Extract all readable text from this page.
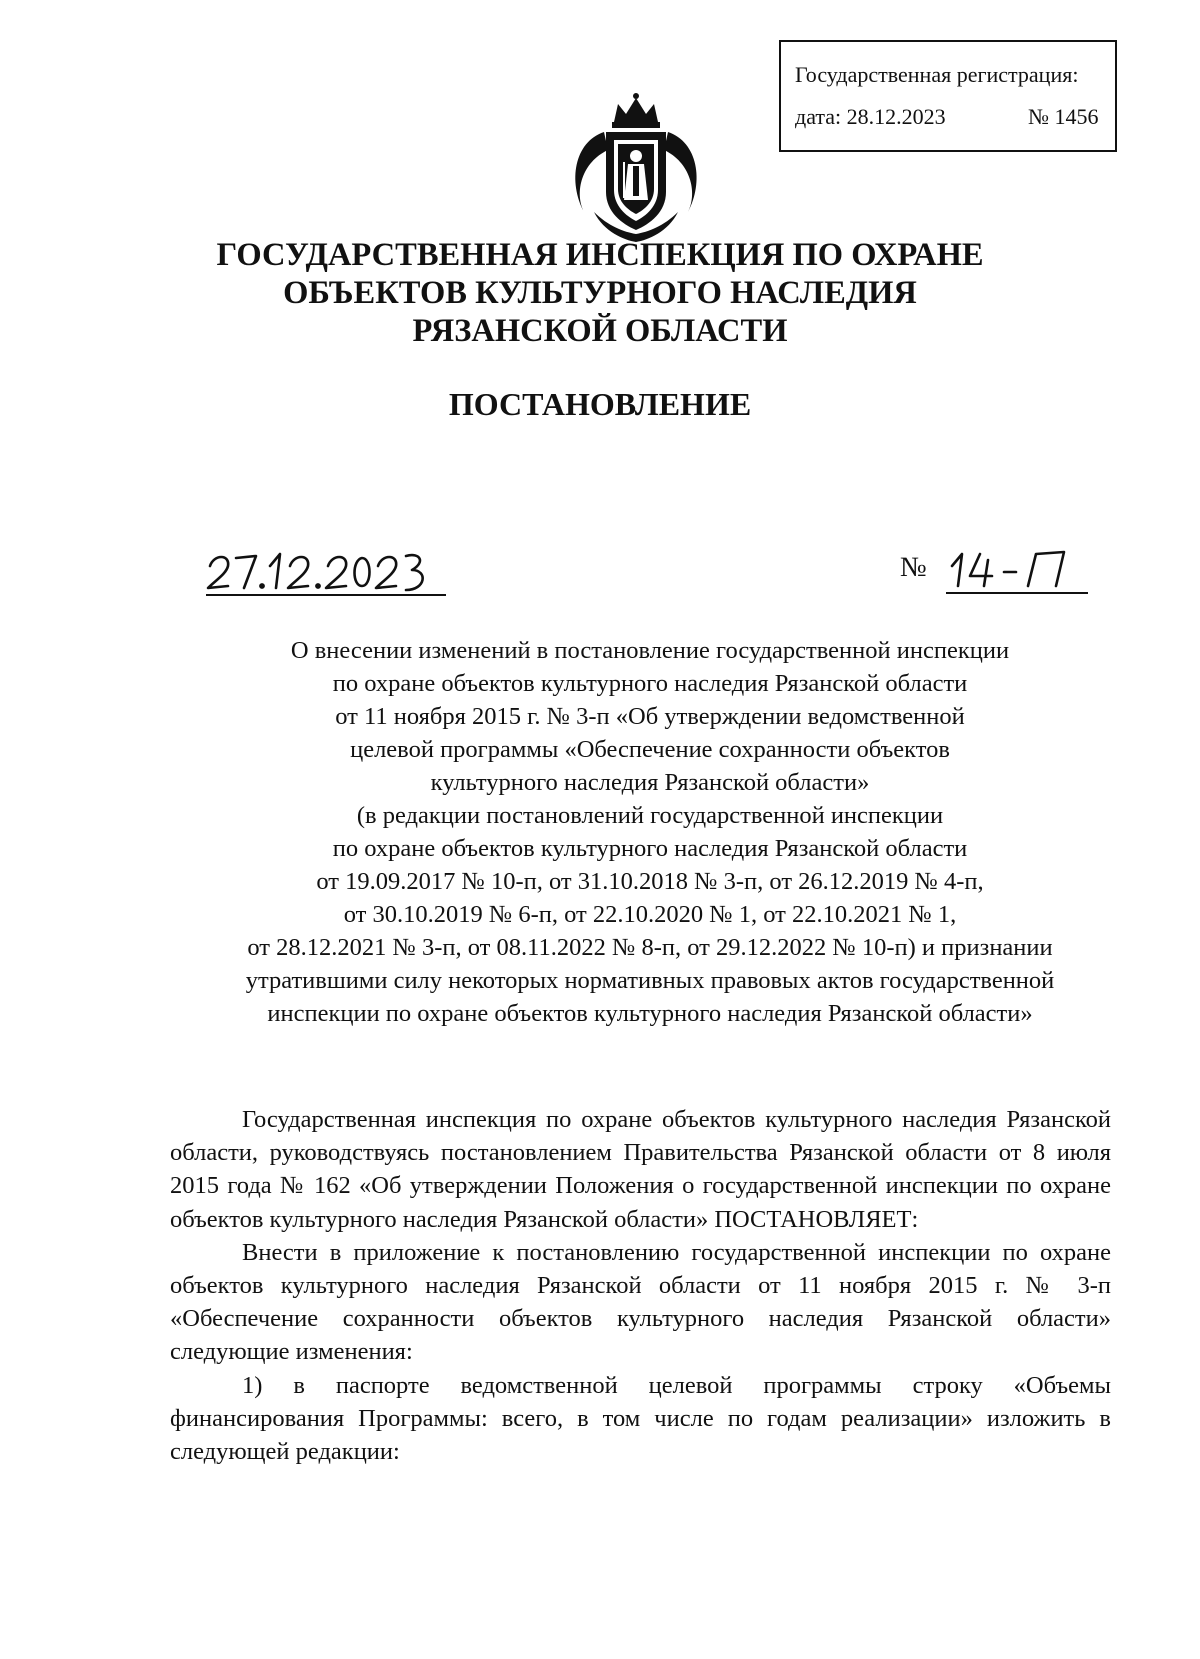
Государственная регистрация:
дата: 28.12.2023	№ 1456
ГОСУДАРСТВЕННАЯ ИНСПЕКЦИЯ ПО ОХРАНЕ
ОБЪЕКТОВ КУЛЬТУРНОГО НАСЛЕДИЯ
РЯЗАНСКОЙ ОБЛАСТИ
ПОСТАНОВЛЕНИЕ
№
О внесении изменений в постановление государственной инспекции
по охране объектов культурного наследия Рязанской области
от 11 ноября 2015 г. № 3-п «Об утверждении ведомственной
целевой программы «Обеспечение сохранности объектов
культурного наследия Рязанской области»
(в редакции постановлений государственной инспекции
по охране объектов культурного наследия Рязанской области
от 19.09.2017 № 10-п, от 31.10.2018 № 3-п, от 26.12.2019 № 4-п,
от 30.10.2019 № 6-п, от 22.10.2020 № 1, от 22.10.2021 № 1,
от 28.12.2021 № 3-п, от 08.11.2022 № 8-п, от 29.12.2022 № 10-п) и признании
утратившими силу некоторых нормативных правовых актов государственной
инспекции по охране объектов культурного наследия Рязанской области»

Государственная инспекция по охране объектов культурного наследия Рязанской области, руководствуясь постановлением Правительства Рязанской области от 8 июля 2015 года № 162 «Об утверждении Положения о государственной инспекции по охране объектов культурного наследия Рязанской области» ПОСТАНОВЛЯЕТ:

Внести в приложение к постановлению государственной инспекции по охране объектов культурного наследия Рязанской области от 11 ноября 2015 г. № 3-п «Обеспечение сохранности объектов культурного наследия Рязанской области» следующие изменения:

1) в паспорте ведомственной целевой программы строку «Объемы финансирования Программы: всего, в том числе по годам реализации» изложить в следующей редакции:
